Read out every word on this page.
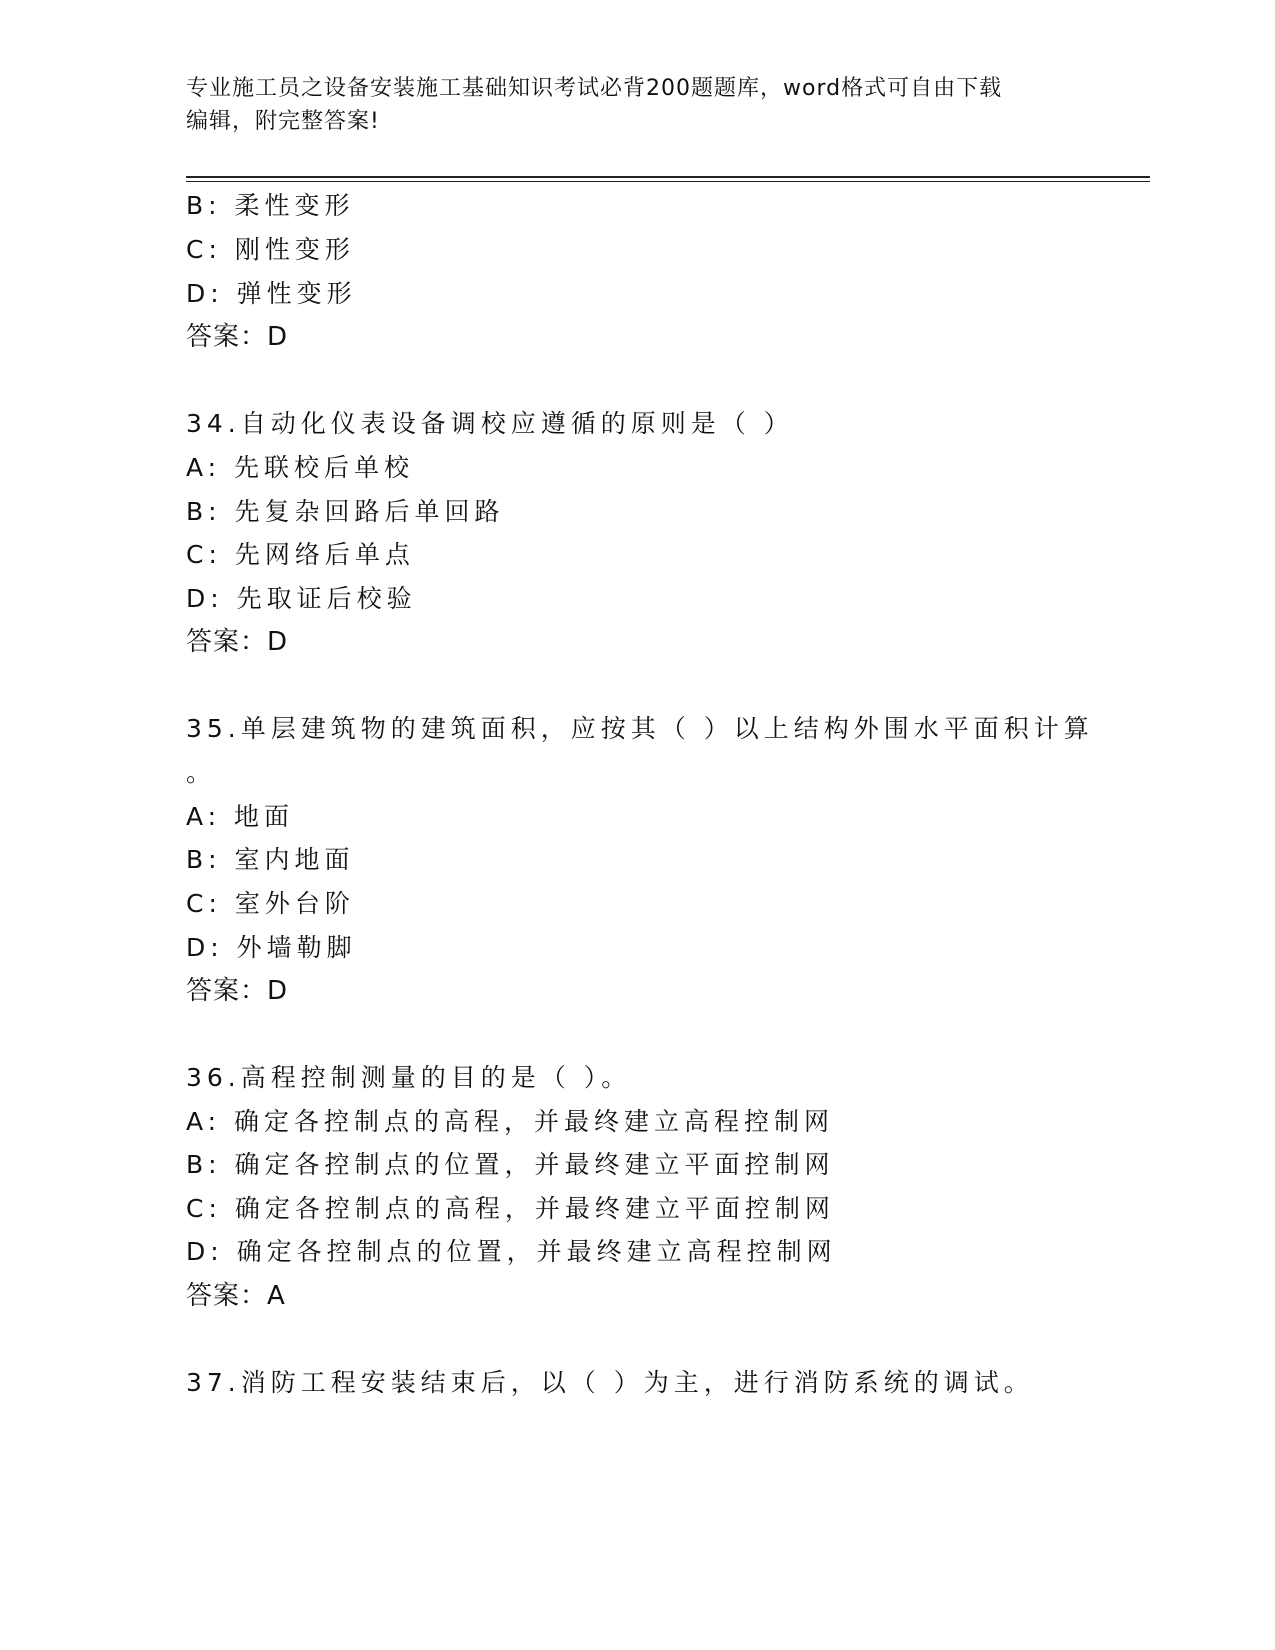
专业施工员之设备安装施工基础知识考试必背200题题库，word格式可自由下载
编辑，附完整答案!
B: 柔性变形
C: 刚性变形
D: 弹性变形
答案：D
34.自动化仪表设备调校应遵循的原则是（ ）
A: 先联校后单校
B: 先复杂回路后单回路
C: 先网络后单点
D: 先取证后校验
答案：D
35.单层建筑物的建筑面积，应按其（ ）以上结构外围水平面积计算
。
A: 地面
B: 室内地面
C: 室外台阶
D: 外墙勒脚
答案：D
36.高程控制测量的目的是（ ）。
A: 确定各控制点的高程，并最终建立高程控制网
B: 确定各控制点的位置，并最终建立平面控制网
C: 确定各控制点的高程，并最终建立平面控制网
D: 确定各控制点的位置，并最终建立高程控制网
答案：A
37.消防工程安装结束后，以（ ）为主，进行消防系统的调试。
